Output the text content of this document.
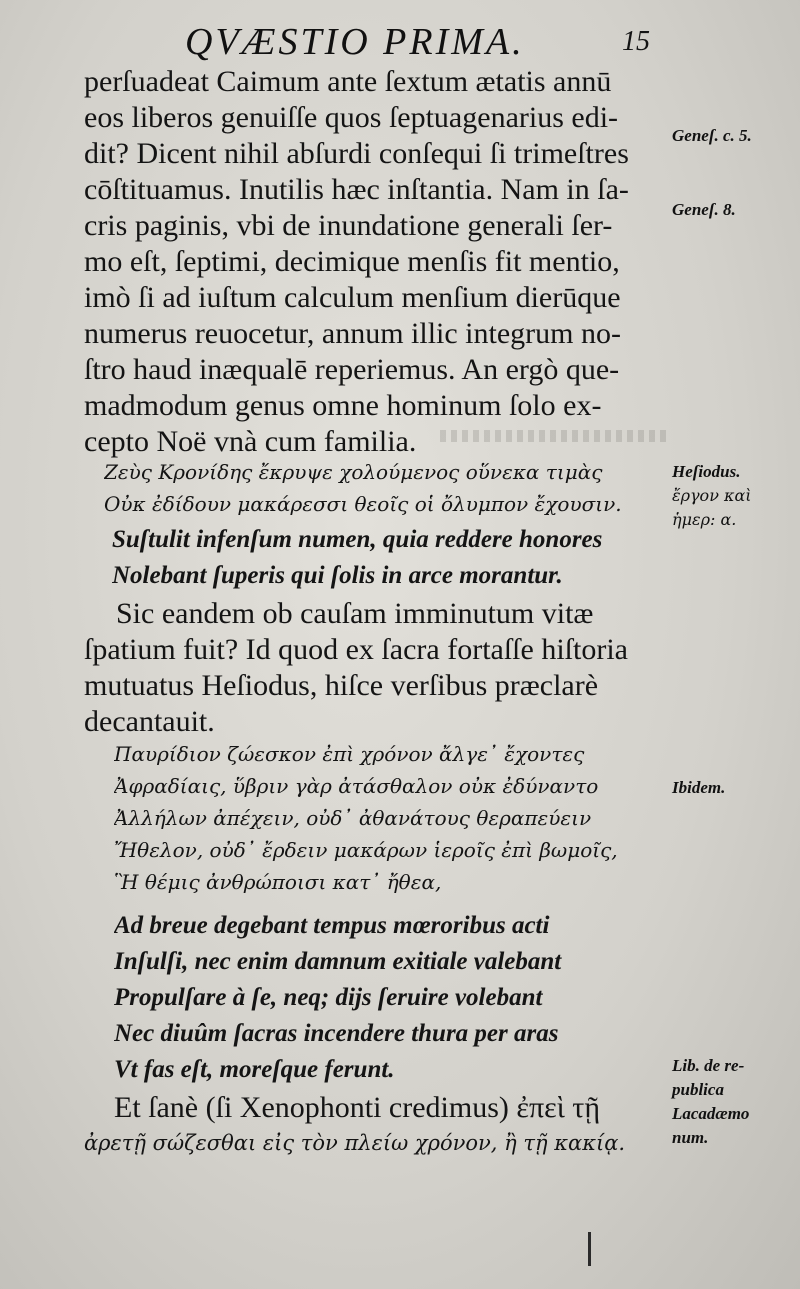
QVÆSTIO PRIMA.	15
perſuadeat Caimum ante ſextum ætatis annū
eos liberos genuiſſe quos ſeptuagenarius edi-
dit? Dicent nihil abſurdi conſequi ſi trimeſtres
cōſtituamus. Inutilis hæc inſtantia. Nam in ſa-
cris paginis, vbi de inundatione generali ſer-
mo eſt, ſeptimi, decimique menſis fit mentio,
imò ſi ad iuſtum calculum menſium dierūque
numerus reuocetur, annum illic integrum no-
ſtro haud inæqualē reperiemus. An ergò que-
madmodum genus omne hominum ſolo ex-
cepto Noë vnà cum familia.
Ζεὺς Κρονίδης ἔκρυψε χολούμενος οὕνεκα τιμὰς
Οὐκ ἐδίδουν μακάρεσσι θεοῖς οἱ ὄλυμπον ἔχουσιν.
Suſtulit infenſum numen, quia reddere honores
Nolebant ſuperis qui ſolis in arce morantur.
Sic eandem ob cauſam imminutum vitæ
ſpatium fuit? Id quod ex ſacra fortaſſe hiſtoria
mutuatus Heſiodus, hiſce verſibus præclarè
decantauit.
Παυρίδιον ζώεσκον ἐπὶ χρόνον ἄλγε᾽ ἔχοντες
Ἀφραδίαις, ὕβριν γὰρ ἀτάσθαλον οὐκ ἐδύναντο
Ἀλλήλων ἀπέχειν, οὐδ᾽ ἀθανάτους θεραπεύειν
Ἤθελον, οὐδ᾽ ἔρδειν μακάρων ἱεροῖς ἐπὶ βωμοῖς,
Ἣ θέμις ἀνθρώποισι κατ᾽ ἤθεα,
Ad breue degebant tempus mœroribus acti
Inſulſi, nec enim damnum exitiale valebant
Propulſare à ſe, neq; dijs ſeruire volebant
Nec diuûm ſacras incendere thura per aras
Vt fas eſt, moreſque ferunt.
Et ſanè (ſi Xenophonti credimus) ἐπεὶ τῇ
ἀρετῇ σώζεσθαι εἰς τὸν πλείω χρόνον, ἢ τῇ κακίᾳ.
Geneſ. c. 5.
Geneſ. 8.
Heſiodus.
ἔργον καὶ
ἡμερ: α.
Ibidem.
Lib. de re-
publica
Lacadæmo
num.
